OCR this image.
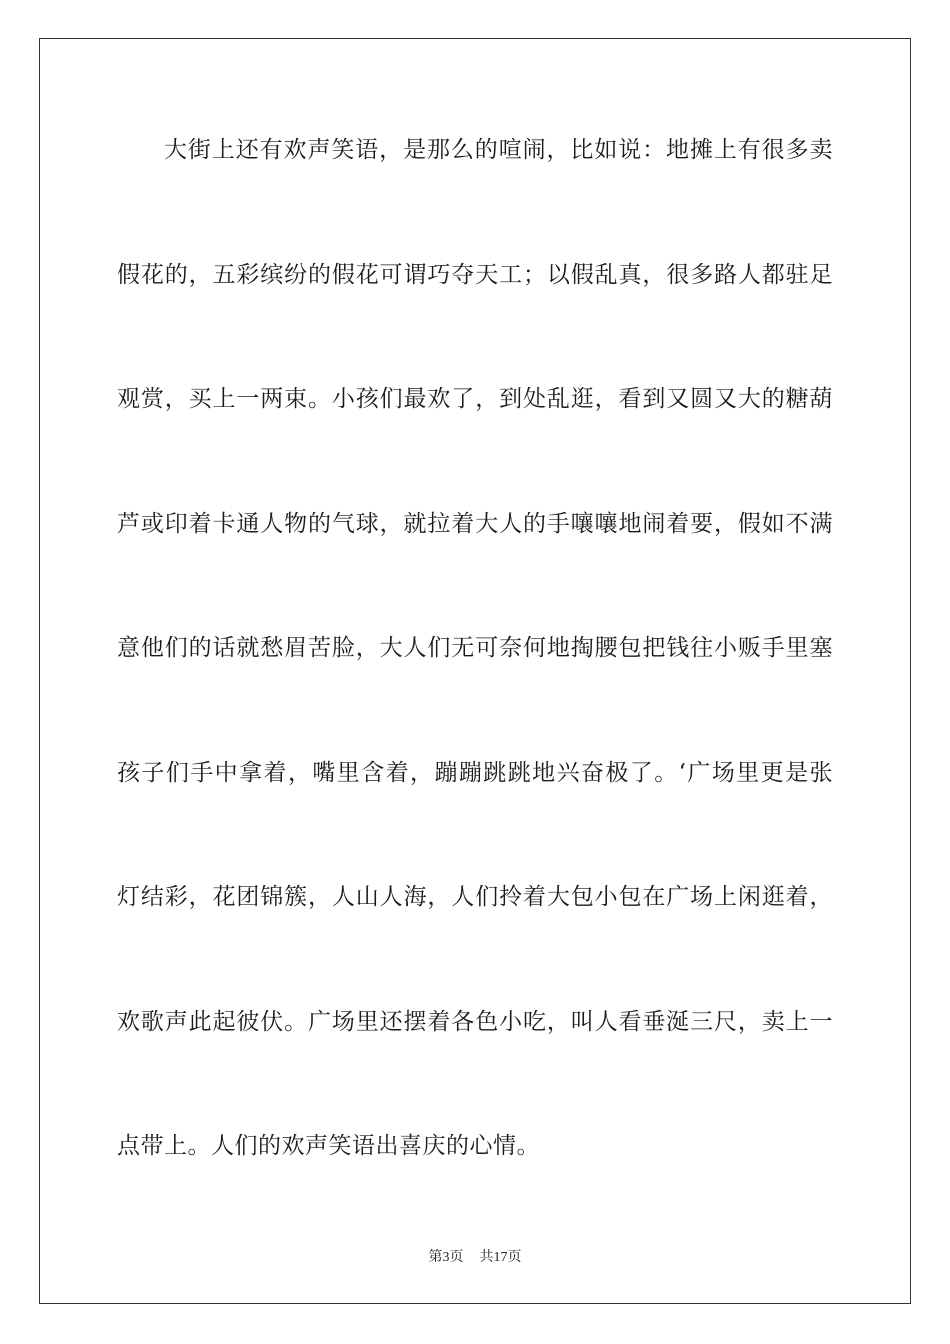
大街上还有欢声笑语，是那么的喧闹，比如说：地摊上有很多卖
假花的，五彩缤纷的假花可谓巧夺天工；以假乱真，很多路人都驻足
观赏，买上一两束。小孩们最欢了，到处乱逛，看到又圆又大的糖葫
芦或印着卡通人物的气球，就拉着大人的手嚷嚷地闹着要，假如不满
意他们的话就愁眉苦脸，大人们无可奈何地掏腰包把钱往小贩手里塞
孩子们手中拿着，嘴里含着，蹦蹦跳跳地兴奋极了。‘广场里更是张
灯结彩，花团锦簇，人山人海，人们拎着大包小包在广场上闲逛着，
欢歌声此起彼伏。广场里还摆着各色小吃，叫人看垂涎三尺，卖上一
点带上。人们的欢声笑语出喜庆的心情。
第3页 共17页
